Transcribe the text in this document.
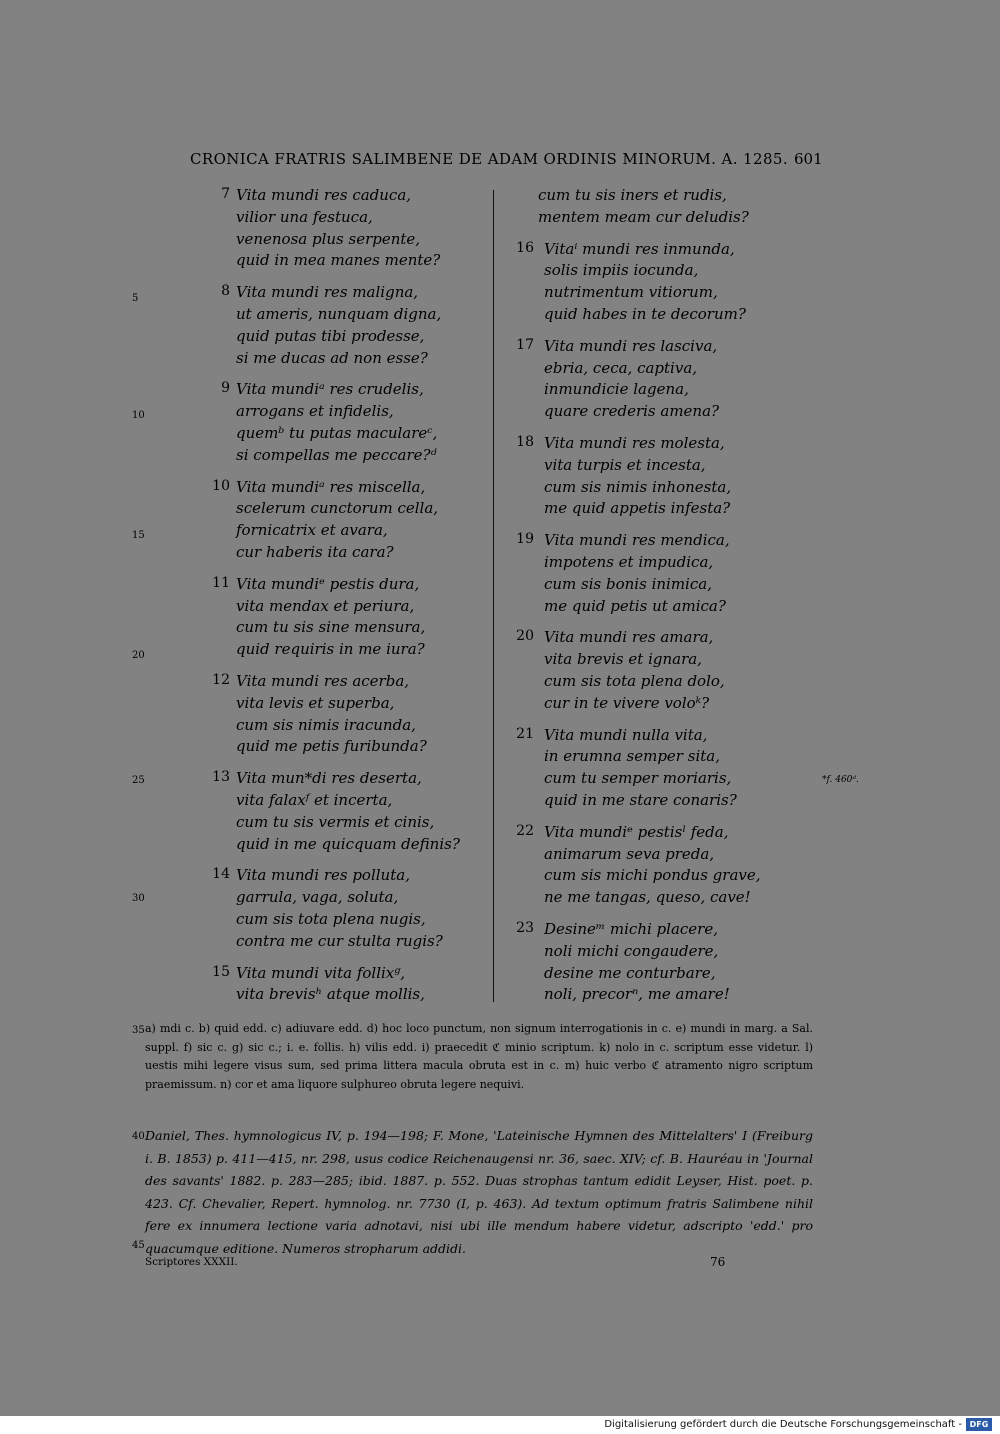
CRONICA FRATRIS SALIMBENE DE ADAM ORDINIS MINORUM. A. 1285. 601
7 Vita mundi res caduca,
vilior una festuca,
venenosa plus serpente,
quid in mea manes mente?
8 Vita mundi res maligna,
ut ameris, nunquam digna,
quid putas tibi prodesse,
si me ducas ad non esse?
9 Vita mundiᵃ res crudelis,
arrogans et infidelis,
quemᵇ tu putas maculareᶜ,
si compellas me peccare?ᵈ
10 Vita mundiᵃ res miscella,
scelerum cunctorum cella,
fornicatrix et avara,
cur haberis ita cara?
11 Vita mundiᵉ pestis dura,
vita mendax et periura,
cum tu sis sine mensura,
quid requiris in me iura?
12 Vita mundi res acerba,
vita levis et superba,
cum sis nimis iracunda,
quid me petis furibunda?
13 Vita mun*di res deserta,
vita falaxᶠ et incerta,
cum tu sis vermis et cinis,
quid in me quicquam definis?
14 Vita mundi res polluta,
garrula, vaga, soluta,
cum sis tota plena nugis,
contra me cur stulta rugis?
15 Vita mundi vita follixᵍ,
vita brevisʰ atque mollis,
cum tu sis iners et rudis,
mentem meam cur deludis?
16 Vitaⁱ mundi res inmunda,
solis impiis iocunda,
nutrimentum vitiorum,
quid habes in te decorum?
17 Vita mundi res lasciva,
ebria, ceca, captiva,
inmundicie lagena,
quare crederis amena?
18 Vita mundi res molesta,
vita turpis et incesta,
cum sis nimis inhonesta,
me quid appetis infesta?
19 Vita mundi res mendica,
impotens et impudica,
cum sis bonis inimica,
me quid petis ut amica?
20 Vita mundi res amara,
vita brevis et ignara,
cum sis tota plena dolo,
cur in te vivere voloᵏ?
21 Vita mundi nulla vita,
in erumna semper sita,
cum tu semper moriaris,
quid in me stare conaris?
22 Vita mundiᵉ pestisˡ feda,
animarum seva preda,
cum sis michi pondus grave,
ne me tangas, queso, cave!
23 Desineᵐ michi placere,
noli michi congaudere,
desine me conturbare,
noli, precorⁿ, me amare!
5
10
15
20
25
30
35
40
45
*f. 460ᵈ.
a) mdi c. b) quid edd. c) adiuvare edd. d) hoc loco punctum, non signum interrogationis in c. e) mundi in marg. a Sal. suppl. f) sic c. g) sic c.; i. e. follis. h) vilis edd. i) praecedit ℭ minio scriptum. k) nolo in c. scriptum esse videtur. l) uestis mihi legere visus sum, sed prima littera macula obruta est in c. m) huic verbo ℭ atramento nigro scriptum praemissum. n) cor et ama liquore sulphureo obruta legere nequivi.
Daniel, Thes. hymnologicus IV, p. 194—198; F. Mone, 'Lateinische Hymnen des Mittelalters' I (Freiburg i. B. 1853) p. 411—415, nr. 298, usus codice Reichenaugensi nr. 36, saec. XIV; cf. B. Hauréau in 'Journal des savants' 1882. p. 283—285; ibid. 1887. p. 552. Duas strophas tantum edidit Leyser, Hist. poet. p. 423. Cf. Chevalier, Repert. hymnolog. nr. 7730 (I, p. 463). Ad textum optimum fratris Salimbene nihil fere ex innumera lectione varia adnotavi, nisi ubi ille mendum habere videtur, adscripto 'edd.' pro quacumque editione. Numeros stropharum addidi.
Scriptores XXXII.	76
Digitalisierung gefördert durch die Deutsche Forschungsgemeinschaft - DFG
